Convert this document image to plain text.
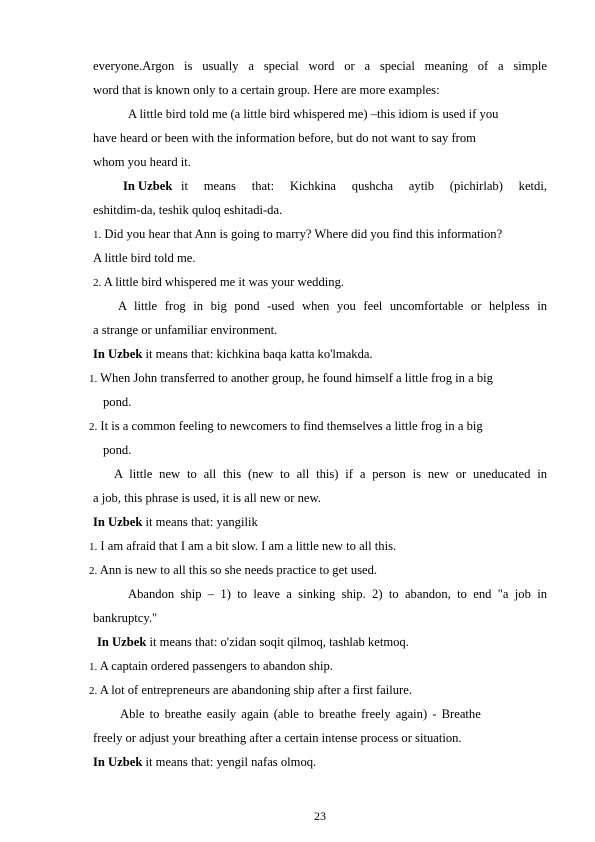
everyone.Argon is usually a special word or a special meaning of a simple
word that is known only to a certain group. Here are more examples:
A little bird told me (a little bird whispered me) –this idiom is used if you
have heard or been with the information before, but do not want to say from
whom you heard it.
In Uzbek it means that: Kichkina qushcha aytib (pichirlab) ketdi,
eshitdim-da, teshik quloq eshitadi-da.
1. Did you hear that Ann is going to marry? Where did you find this information?
A little bird told me.
2. A little bird whispered me it was your wedding.
A little frog in big pond -used when you feel uncomfortable or helpless in
a strange or unfamiliar environment.
In Uzbek it means that: kichkina baqa katta ko'lmakda.
1. When John transferred to another group, he found himself a little frog in a big
pond.
2. It is a common feeling to newcomers to find themselves a little frog in a big
pond.
A little new to all this (new to all this) if a person is new or uneducated in
a job, this phrase is used, it is all new or new.
In Uzbek it means that: yangilik
1. I am afraid that I am a bit slow. I am a little new to all this.
2. Ann is new to all this so she needs practice to get used.
Abandon ship – 1) to leave a sinking ship. 2) to abandon, to end "a job in
bankruptcy."
In Uzbek it means that: o'zidan soqit qilmoq, tashlab ketmoq.
1. A captain ordered passengers to abandon ship.
2. A lot of entrepreneurs are abandoning ship after a first failure.
Able to breathe easily again (able to breathe freely again) - Breathe
freely or adjust your breathing after a certain intense process or situation.
In Uzbek it means that: yengil nafas olmoq.
23
